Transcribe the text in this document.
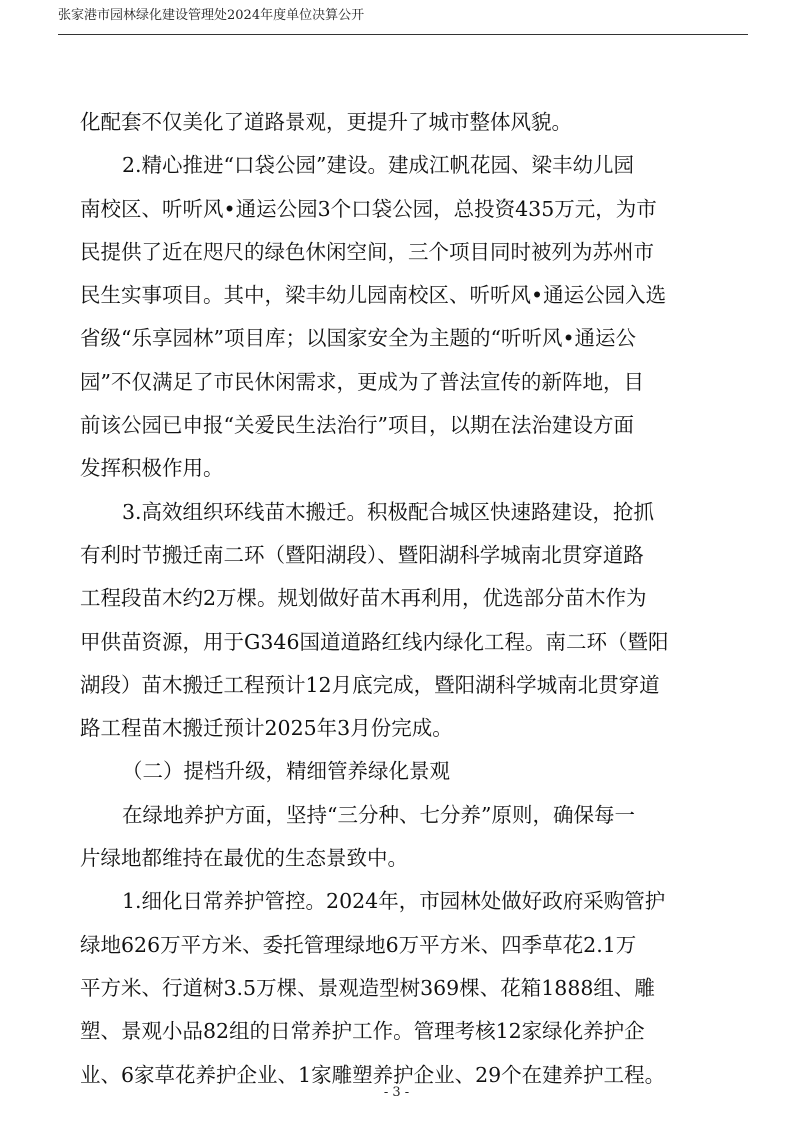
张家港市园林绿化建设管理处2024年度单位决算公开
化配套不仅美化了道路景观，更提升了城市整体风貌。
2.精心推进“口袋公园”建设。建成江帆花园、梁丰幼儿园
南校区、听听风•通运公园3个口袋公园，总投资435万元，为市
民提供了近在咫尺的绿色休闲空间，三个项目同时被列为苏州市
民生实事项目。其中，梁丰幼儿园南校区、听听风•通运公园入选
省级“乐享园林”项目库；以国家安全为主题的“听听风•通运公
园”不仅满足了市民休闲需求，更成为了普法宣传的新阵地，目
前该公园已申报“关爱民生法治行”项目，以期在法治建设方面
发挥积极作用。
3.高效组织环线苗木搬迁。积极配合城区快速路建设，抢抓
有利时节搬迁南二环（暨阳湖段）、暨阳湖科学城南北贯穿道路
工程段苗木约2万棵。规划做好苗木再利用，优选部分苗木作为
甲供苗资源，用于G346国道道路红线内绿化工程。南二环（暨阳
湖段）苗木搬迁工程预计12月底完成，暨阳湖科学城南北贯穿道
路工程苗木搬迁预计2025年3月份完成。
（二）提档升级，精细管养绿化景观
在绿地养护方面，坚持“三分种、七分养”原则，确保每一
片绿地都维持在最优的生态景致中。
1.细化日常养护管控。2024年，市园林处做好政府采购管护
绿地626万平方米、委托管理绿地6万平方米、四季草花2.1万
平方米、行道树3.5万棵、景观造型树369棵、花箱1888组、雕
塑、景观小品82组的日常养护工作。管理考核12家绿化养护企
业、6家草花养护企业、1家雕塑养护企业、29个在建养护工程。
- 3 -
